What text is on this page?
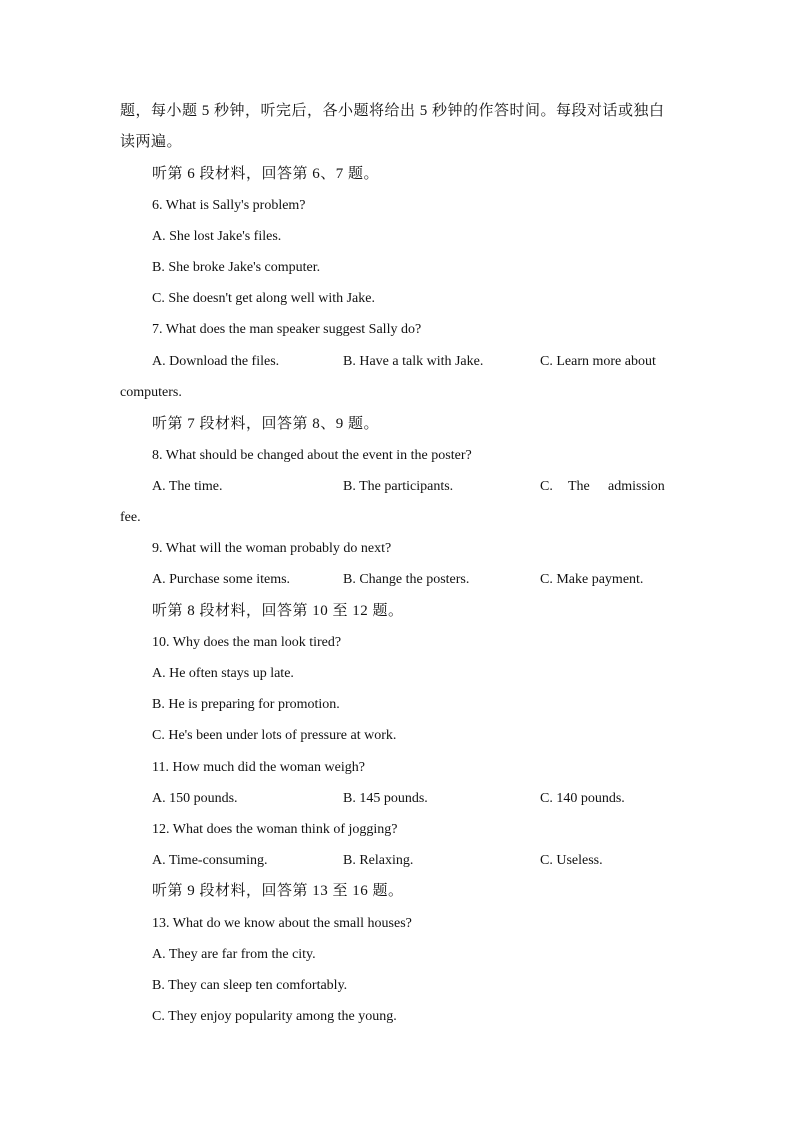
题，每小题 5 秒钟，听完后，各小题将给出 5 秒钟的作答时间。每段对话或独白
读两遍。
听第 6 段材料，回答第 6、7 题。
6. What is Sally's problem?
A. She lost Jake's files.
B. She broke Jake's computer.
C. She doesn't get along well with Jake.
7. What does the man speaker suggest Sally do?
A. Download the files.	B. Have a talk with Jake.	C. Learn more about
computers.
听第 7 段材料，回答第 8、9 题。
8. What should be changed about the event in the poster?
A. The time.	B. The participants.	C. The admission
fee.
9. What will the woman probably do next?
A. Purchase some items.	B. Change the posters.	C. Make payment.
听第 8 段材料，回答第 10 至 12 题。
10. Why does the man look tired?
A. He often stays up late.
B. He is preparing for promotion.
C. He's been under lots of pressure at work.
11. How much did the woman weigh?
A. 150 pounds.	B. 145 pounds.	C. 140 pounds.
12. What does the woman think of jogging?
A. Time-consuming.	B. Relaxing.	C. Useless.
听第 9 段材料，回答第 13 至 16 题。
13. What do we know about the small houses?
A. They are far from the city.
B. They can sleep ten comfortably.
C. They enjoy popularity among the young.
